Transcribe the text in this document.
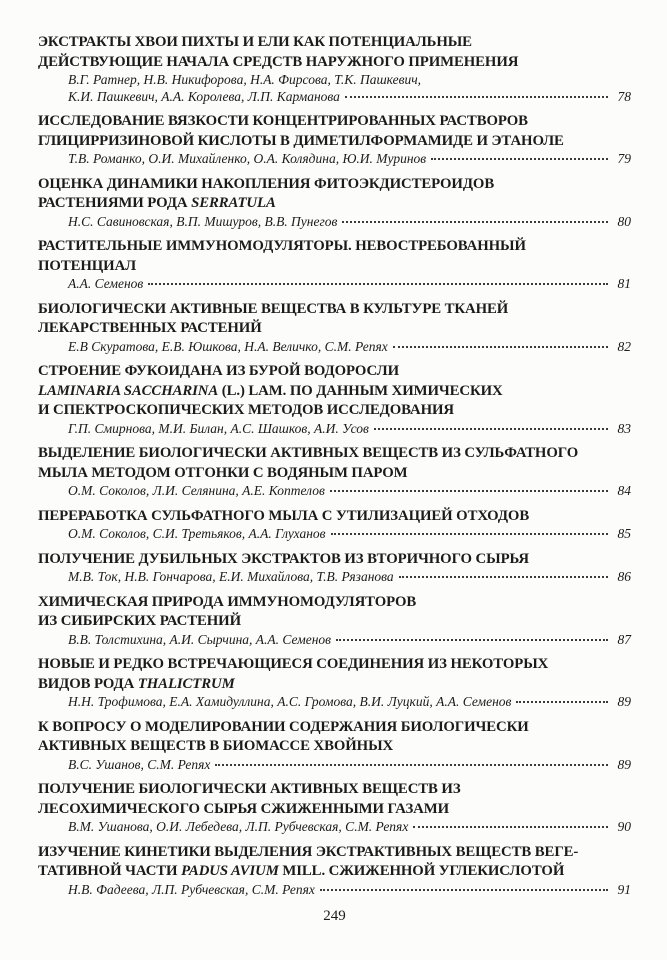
ЭКСТРАКТЫ ХВОИ ПИХТЫ И ЕЛИ КАК ПОТЕНЦИАЛЬНЫЕ
ДЕЙСТВУЮЩИЕ НАЧАЛА СРЕДСТВ НАРУЖНОГО ПРИМЕНЕНИЯ
В.Г. Ратнер, Н.В. Никифорова, Н.А. Фирсова, Т.К. Пашкевич,
К.И. Пашкевич, А.А. Королева, Л.П. Карманова	78
ИССЛЕДОВАНИЕ ВЯЗКОСТИ КОНЦЕНТРИРОВАННЫХ РАСТВОРОВ
ГЛИЦИРРИЗИНОВОЙ КИСЛОТЫ В ДИМЕТИЛФОРМАМИДЕ И ЭТАНОЛЕ
Т.В. Романко, О.И. Михайленко, О.А. Колядина, Ю.И. Муринов	79
ОЦЕНКА ДИНАМИКИ НАКОПЛЕНИЯ ФИТОЭКДИСТЕРОИДОВ
РАСТЕНИЯМИ РОДА SERRATULA
Н.С. Савиновская, В.П. Мишуров, В.В. Пунегов	80
РАСТИТЕЛЬНЫЕ ИММУНОМОДУЛЯТОРЫ. НЕВОСТРЕБОВАННЫЙ
ПОТЕНЦИАЛ
А.А. Семенов	81
БИОЛОГИЧЕСКИ АКТИВНЫЕ ВЕЩЕСТВА В КУЛЬТУРЕ ТКАНЕЙ
ЛЕКАРСТВЕННЫХ РАСТЕНИЙ
Е.В Скуратова, Е.В. Юшкова, Н.А. Величко, С.М. Репях	82
СТРОЕНИЕ ФУКОИДАНА ИЗ БУРОЙ ВОДОРОСЛИ
LAMINARIA SACCHARINA (L.) LAM. ПО ДАННЫМ ХИМИЧЕСКИХ
И СПЕКТРОСКОПИЧЕСКИХ МЕТОДОВ ИССЛЕДОВАНИЯ
Г.П. Смирнова, М.И. Билан, А.С. Шашков, А.И. Усов	83
ВЫДЕЛЕНИЕ БИОЛОГИЧЕСКИ АКТИВНЫХ ВЕЩЕСТВ ИЗ СУЛЬФАТНОГО
МЫЛА МЕТОДОМ ОТГОНКИ С ВОДЯНЫМ ПАРОМ
О.М. Соколов, Л.И. Селянина, А.Е. Коптелов	84
ПЕРЕРАБОТКА СУЛЬФАТНОГО МЫЛА С УТИЛИЗАЦИЕЙ ОТХОДОВ
О.М. Соколов, С.И. Третьяков, А.А. Глуханов	85
ПОЛУЧЕНИЕ ДУБИЛЬНЫХ ЭКСТРАКТОВ ИЗ ВТОРИЧНОГО СЫРЬЯ
М.В. Ток, Н.В. Гончарова, Е.И. Михайлова, Т.В. Рязанова	86
ХИМИЧЕСКАЯ ПРИРОДА ИММУНОМОДУЛЯТОРОВ
ИЗ СИБИРСКИХ РАСТЕНИЙ
В.В. Толстихина, А.И. Сырчина, А.А. Семенов	87
НОВЫЕ И РЕДКО ВСТРЕЧАЮЩИЕСЯ СОЕДИНЕНИЯ ИЗ НЕКОТОРЫХ
ВИДОВ РОДА THALICTRUM
Н.Н. Трофимова, Е.А. Хамидуллина, А.С. Громова, В.И. Луцкий, А.А. Семенов	89
К ВОПРОСУ О МОДЕЛИРОВАНИИ СОДЕРЖАНИЯ БИОЛОГИЧЕСКИ
АКТИВНЫХ ВЕЩЕСТВ В БИОМАССЕ ХВОЙНЫХ
В.С. Ушанов, С.М. Репях	89
ПОЛУЧЕНИЕ БИОЛОГИЧЕСКИ АКТИВНЫХ ВЕЩЕСТВ ИЗ
ЛЕСОХИМИЧЕСКОГО СЫРЬЯ СЖИЖЕННЫМИ ГАЗАМИ
В.М. Ушанова, О.И. Лебедева, Л.П. Рубчевская, С.М. Репях	90
ИЗУЧЕНИЕ КИНЕТИКИ ВЫДЕЛЕНИЯ ЭКСТРАКТИВНЫХ ВЕЩЕСТВ ВЕГЕ-
ТАТИВНОЙ ЧАСТИ PADUS AVIUM MILL. СЖИЖЕННОЙ УГЛЕКИСЛОТОЙ
Н.В. Фадеева, Л.П. Рубчевская, С.М. Репях	91
249
